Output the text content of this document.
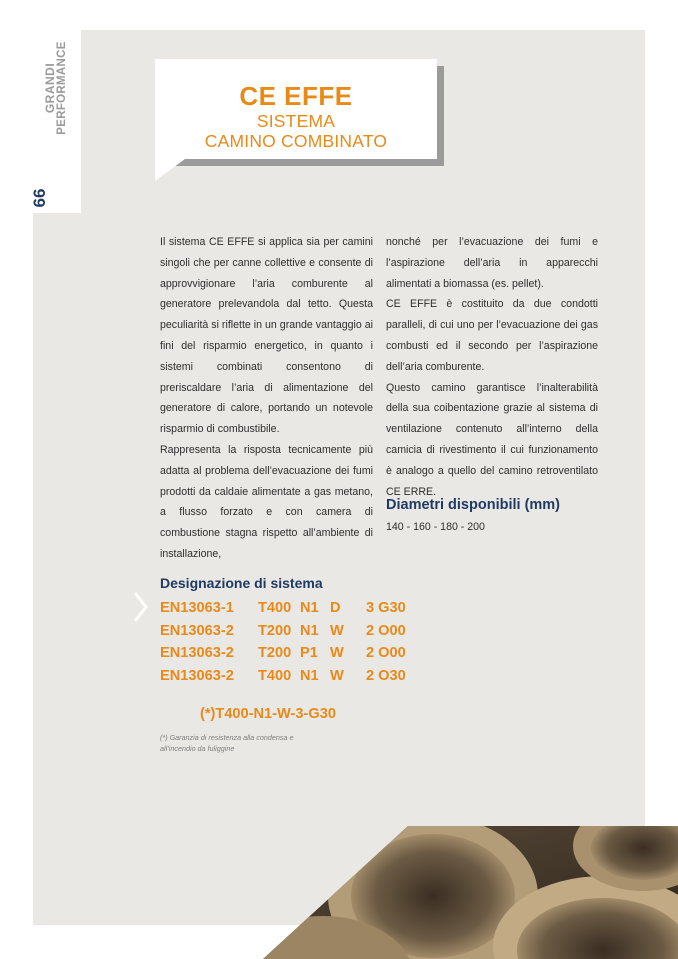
GRANDI PERFORMANCE
66
CE EFFE
SISTEMA
CAMINO COMBINATO

Il sistema CE EFFE si applica sia per camini singoli che per canne collettive e consente di approvvigionare l’aria comburente al generatore prelevandola dal tetto. Questa peculiarità si riflette in un grande vantaggio ai fini del risparmio energetico, in quanto i sistemi combinati consentono di preriscaldare l’aria di alimentazione del generatore di calore, portando un notevole risparmio di combustibile.

Rappresenta la risposta tecnicamente più adatta al problema dell’evacuazione dei fumi prodotti da caldaie alimentate a gas metano, a flusso forzato e con camera di combustione stagna rispetto all’ambiente di installazione,

nonché per l’evacuazione dei fumi e l’aspirazione dell’aria in apparecchi alimentati a biomassa (es. pellet).

CE EFFE è costituito da due condotti paralleli, di cui uno per l’evacuazione dei gas combusti ed il secondo per l’aspirazione dell’aria comburente.

Questo camino garantisce l’inalterabilità della sua coibentazione grazie al sistema di ventilazione contenuto all’interno della camicia di rivestimento il cui funzionamento è analogo a quello del camino retroventilato CE ERRE.

Diametri disponibili (mm)
140 - 160 - 180 - 200
Designazione di sistema
EN13063-1	T400 N1 D	3 G30
EN13063-2	T200 N1 W	2 O00
EN13063-2	T200 P1 W	2 O00
EN13063-2	T400 N1 W	2 O30
(*)T400-N1-W-3-G30
(*) Garanzia di resistenza alla condensa e all’incendio da fuliggine
